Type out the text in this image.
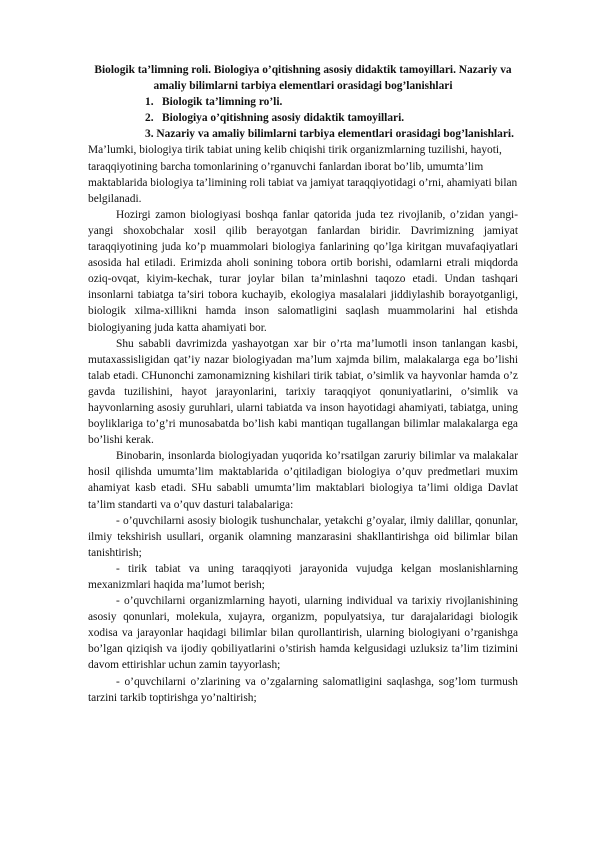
Biologik ta’limning roli. Biologiya o’qitishning asosiy didaktik tamoyillari. Nazariy va amaliy bilimlarni tarbiya elementlari orasidagi bog’lanishlari

1. Biologik ta’limning ro’li.
2. Biologiya o’qitishning asosiy didaktik tamoyillari.
3. Nazariy va amaliy bilimlarni tarbiya elementlari orasidagi bog’lanishlari.

Ma’lumki, biologiya tirik tabiat uning kelib chiqishi tirik organizmlarning tuzilishi, hayoti, taraqqiyotining barcha tomonlarining o’rganuvchi fanlardan iborat bo’lib, umumta’lim maktablarida biologiya ta’limining roli tabiat va jamiyat taraqqiyotidagi o’rni, ahamiyati bilan belgilanadi.

Hozirgi zamon biologiyasi boshqa fanlar qatorida juda tez rivojlanib, o’zidan yangi-yangi shoxobchalar xosil qilib berayotgan fanlardan biridir. Davrimizning jamiyat taraqqiyotining juda ko’p muammolari biologiya fanlarining qo’lga kiritgan muvafaqiyatlari asosida hal etiladi. Erimizda aholi sonining tobora ortib borishi, odamlarni etrali miqdorda oziq-ovqat, kiyim-kechak, turar joylar bilan ta’minlashni taqozo etadi. Undan tashqari insonlarni tabiatga ta’siri tobora kuchayib, ekologiya masalalari jiddiylashib borayotganligi, biologik xilma-xillikni hamda inson salomatligini saqlash muammolarini hal etishda biologiyaning juda katta ahamiyati bor.

Shu sababli davrimizda yashayotgan xar bir o’rta ma’lumotli inson tanlangan kasbi, mutaxassisligidan qat’iy nazar biologiyadan ma’lum xajmda bilim, malakalarga ega bo’lishi talab etadi. CHunonchi zamonamizning kishilari tirik tabiat, o’simlik va hayvonlar hamda o’z gavda tuzilishini, hayot jarayonlarini, tarixiy taraqqiyot qonuniyatlarini, o’simlik va hayvonlarning asosiy guruhlari, ularni tabiatda va inson hayotidagi ahamiyati, tabiatga, uning boyliklariga to’g’ri munosabatda bo’lish kabi mantiqan tugallangan bilimlar malakalarga ega bo’lishi kerak.

Binobarin, insonlarda biologiyadan yuqorida ko’rsatilgan zaruriy bilimlar va malakalar hosil qilishda umumta’lim maktablarida o’qitiladigan biologiya o’quv predmetlari muxim ahamiyat kasb etadi. SHu sababli umumta’lim maktablari biologiya ta’limi oldiga Davlat ta’lim standarti va o’quv dasturi talabalariga:

- o’quvchilarni asosiy biologik tushunchalar, yetakchi g’oyalar, ilmiy dalillar, qonunlar, ilmiy tekshirish usullari, organik olamning manzarasini shakllantirishga oid bilimlar bilan tanishtirish;

- tirik tabiat va uning taraqqiyoti jarayonida vujudga kelgan moslanishlarning mexanizmlari haqida ma’lumot berish;

- o’quvchilarni organizmlarning hayoti, ularning individual va tarixiy rivojlanishining asosiy qonunlari, molekula, xujayra, organizm, populyatsiya, tur darajalaridagi biologik xodisa va jarayonlar haqidagi bilimlar bilan qurollantirish, ularning biologiyani o’rganishga bo’lgan qiziqish va ijodiy qobiliyatlarini o’stirish hamda kelgusidagi uzluksiz ta’lim tizimini davom ettirishlar uchun zamin tayyorlash;

- o’quvchilarni o’zlarining va o’zgalarning salomatligini saqlashga, sog’lom turmush tarzini tarkib toptirishga yo’naltirish;
